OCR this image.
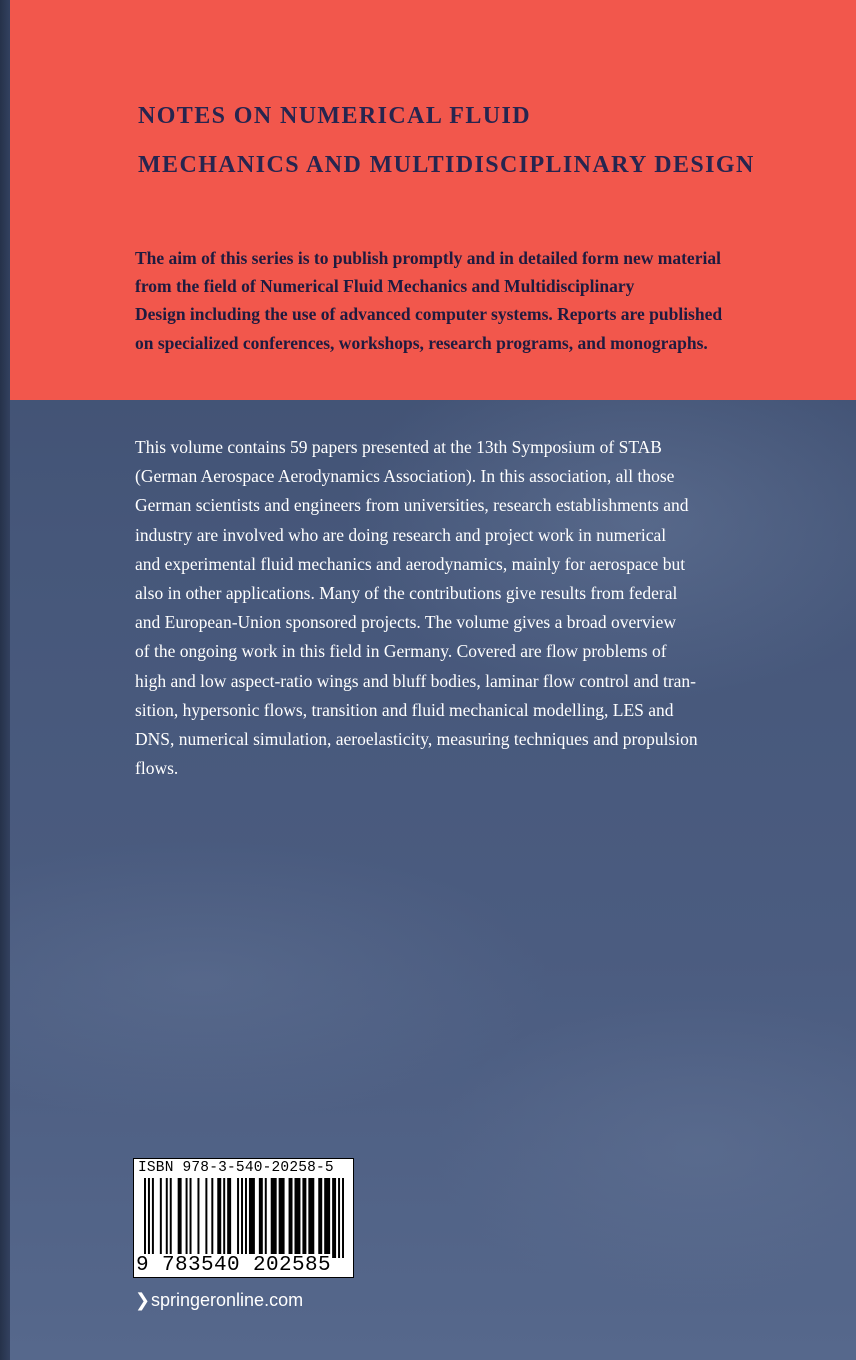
NOTES ON NUMERICAL FLUID
MECHANICS AND MULTIDISCIPLINARY DESIGN

The aim of this series is to publish promptly and in detailed form new material
from the field of Numerical Fluid Mechanics and Multidisciplinary
Design including the use of advanced computer systems. Reports are published
on specialized conferences, workshops, research programs, and monographs.

This volume contains 59 papers presented at the 13th Symposium of STAB
(German Aerospace Aerodynamics Association). In this association, all those
German scientists and engineers from universities, research establishments and
industry are involved who are doing research and project work in numerical
and experimental fluid mechanics and aerodynamics, mainly for aerospace but
also in other applications. Many of the contributions give results from federal
and European-Union sponsored projects. The volume gives a broad overview
of the ongoing work in this field in Germany. Covered are flow problems of
high and low aspect-ratio wings and bluff bodies, laminar flow control and tran-
sition, hypersonic flows, transition and fluid mechanical modelling, LES and
DNS, numerical simulation, aeroelasticity, measuring techniques and propulsion
flows.

ISBN 978-3-540-20258-5
9 783540 202585
❯springeronline.com
